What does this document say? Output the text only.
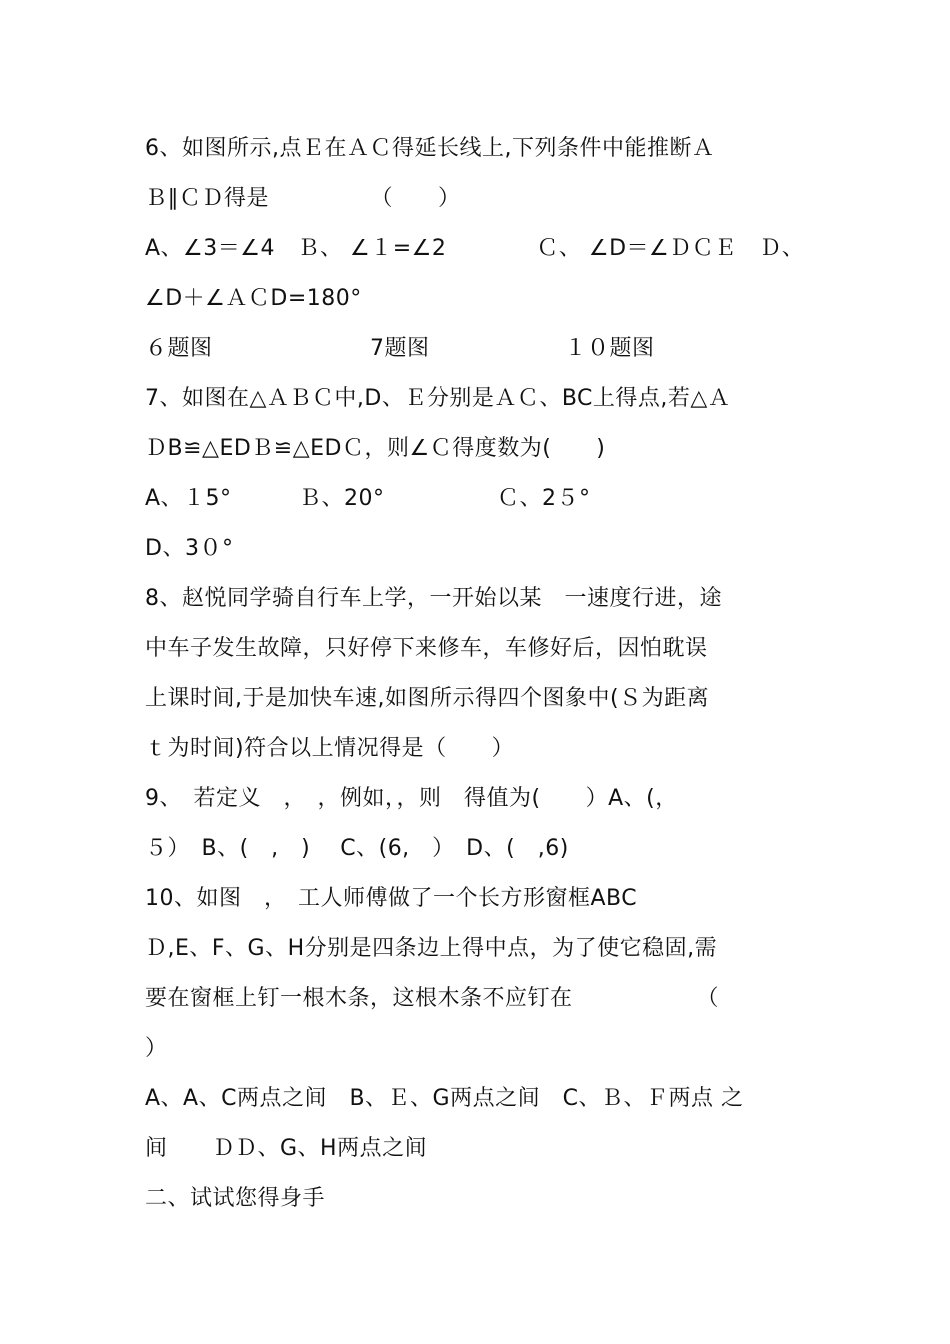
6、如图所示,点Ｅ在ＡＣ得延长线上,下列条件中能推断Ａ
Ｂ∥ＣＤ得是　　　　　（　　）
A、∠3＝∠4　Ｂ、 ∠１=∠2　　　　Ｃ、 ∠D＝∠ＤＣＥ　Ｄ、
∠D＋∠ＡＣD=180°
６题图　　　　　　　7题图　　　　　　１０题图
7、如图在△ＡＢＣ中,D、Ｅ分别是ＡＣ、BC上得点,若△Ａ
ＤB≌△EDＢ≌△EDＣ，则∠Ｃ得度数为(　　)
A、１5°　　　Ｂ、20°　　　　　Ｃ、2５°
D、3０°
8、赵悦同学骑自行车上学，一开始以某　一速度行进，途
中车子发生故障，只好停下来修车，车修好后，因怕耽误
上课时间,于是加快车速,如图所示得四个图象中(Ｓ为距离
ｔ为时间)符合以上情况得是（　　）
9、　若定义　，　，例如，，则　得值为(　　）A、(，
５）　B、(　,　)　 C、(6,　）　D、(　,6)
10、如图　，　工人师傅做了一个长方形窗框ABC
Ｄ,E、F、G、H分别是四条边上得中点，为了使它稳固,需
要在窗框上钉一根木条，这根木条不应钉在　　　　　　（
）
A、A、C两点之间　B、Ｅ、G两点之间　C、Ｂ、Ｆ两点 之
间　　ＤＤ、G、H两点之间
二、试试您得身手
